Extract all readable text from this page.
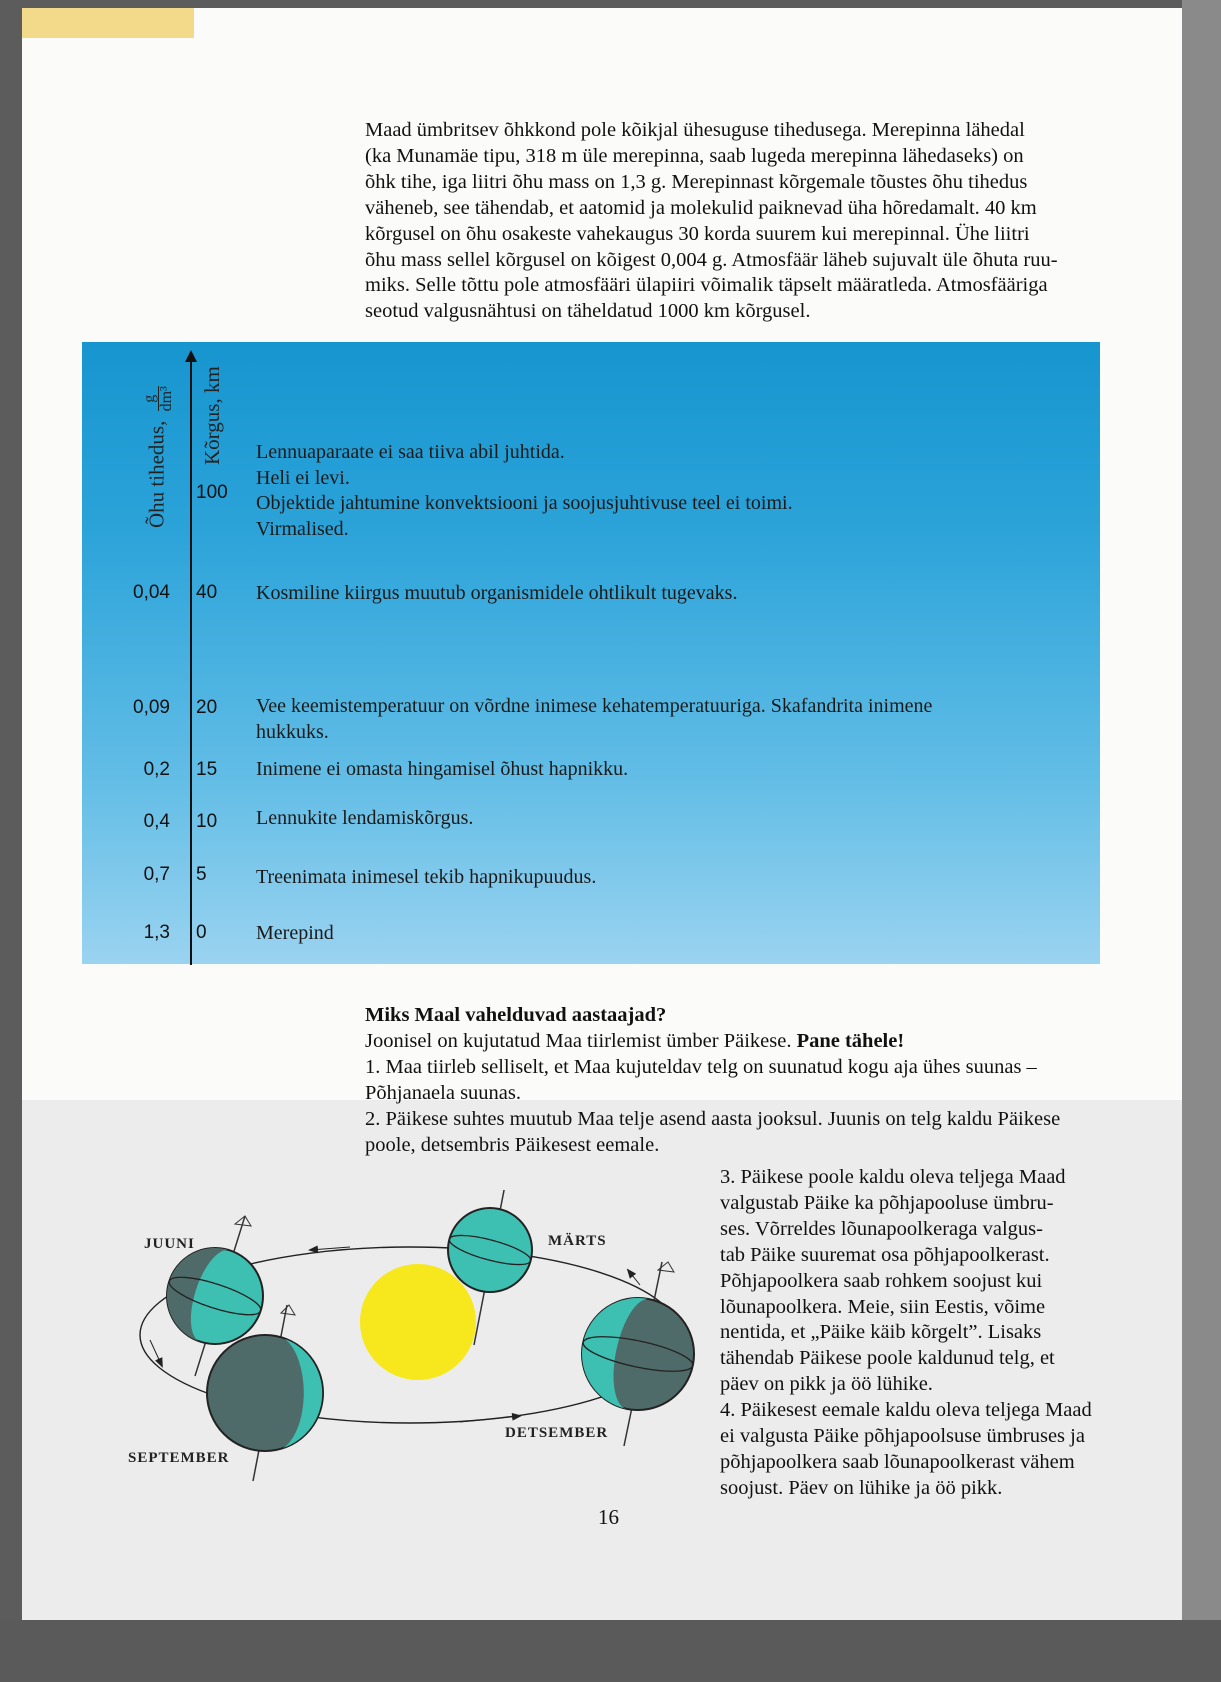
Maad ümbritsev õhkkond pole kõikjal ühesuguse tihedusega. Merepinna lähedal
(ka Munamäe tipu, 318 m üle merepinna, saab lugeda merepinna lähedaseks) on
õhk tihe, iga liitri õhu mass on 1,3 g. Merepinnast kõrgemale tõustes õhu tihedus
väheneb, see tähendab, et aatomid ja molekulid paiknevad üha hõredamalt. 40 km
kõrgusel on õhu osakeste vahekaugus 30 korda suurem kui merepinnal. Ühe liitri
õhu mass sellel kõrgusel on kõigest 0,004 g. Atmosfäär läheb sujuvalt üle õhuta ruu-
miks. Selle tõttu pole atmosfääri ülapiiri võimalik täpselt määratleda. Atmosfääriga
seotud valgusnähtusi on täheldatud 1000 km kõrgusel.
Õhu tihedus,
g dm³ Kõrgus, km
100
Lennuaparaate ei saa tiiva abil juhtida.
Heli ei levi.
Objektide jahtumine konvektsiooni ja soojusjuhtivuse teel ei toimi.
Virmalised.
0,04 40 Kosmiline kiirgus muutub organismidele ohtlikult tugevaks.
0,09 20 Vee keemistemperatuur on võrdne inimese kehatemperatuuriga. Skafandrita inimene
hukkuks.
0,2 15 Inimene ei omasta hingamisel õhust hapnikku.
0,4 10 Lennukite lendamiskõrgus.
0,7 5 Treenimata inimesel tekib hapnikupuudus.
1,3 0 Merepind
Miks Maal vahelduvad aastaajad?
Joonisel on kujutatud Maa tiirlemist ümber Päikese. Pane tähele!
1. Maa tiirleb selliselt, et Maa kujuteldav telg on suunatud kogu aja ühes suunas –
Põhjanaela suunas.
2. Päikese suhtes muutub Maa telje asend aasta jooksul. Juunis on telg kaldu Päikese
poole, detsembris Päikesest eemale.
3. Päikese poole kaldu oleva teljega Maad
valgustab Päike ka põhjapooluse ümbru-
ses. Võrreldes lõunapoolkeraga valgus-
tab Päike suuremat osa põhjapoolkerast.
Põhjapoolkera saab rohkem soojust kui
lõunapoolkera. Meie, siin Eestis, võime
nentida, et „Päike käib kõrgelt”. Lisaks
tähendab Päikese poole kaldunud telg, et
päev on pikk ja öö lühike.
4. Päikesest eemale kaldu oleva teljega Maad
ei valgusta Päike põhjapoolsuse ümbruses ja
põhjapoolkera saab lõunapoolkerast vähem
soojust. Päev on lühike ja öö pikk.
JUUNI	MÄRTS
SEPTEMBER
DETSEMBER
16
